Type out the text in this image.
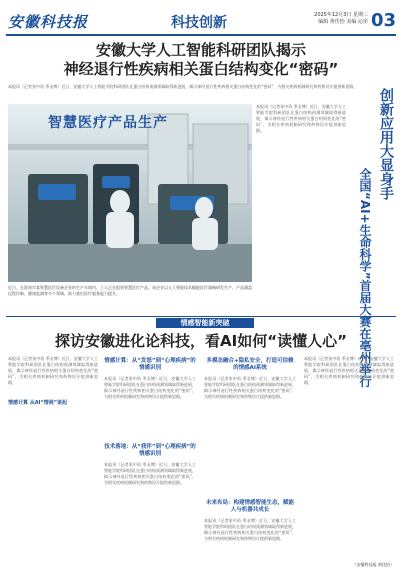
安徽科技报	科技创新	2025年12月3日 星期三
编辑 黄佳怡 美编 沁彤 03
安徽大学人工智能科研团队揭示
神经退行性疾病相关蛋白结构变化“密码”
本报讯（记者张中资 季圣博）近日，安徽大学人工智能学院科研团队在蛋白结构预测领域取得新进展，揭示神经退行性疾病相关蛋白结构变化的“密码”，为相关疾病机制研究和药物设计提供新思路。
智慧医疗产品生产
近日，在淮南市某智慧医疗设备企业的生产车间内，工人正在组装智慧医疗产品。该企业以人工智能技术赋能医疗器械研发生产，产品涵盖远程诊断、健康监测等多个领域，助力基层医疗服务能力提升。
本报讯（记者张中资 季圣博）近日，安徽大学人工智能学院科研团队在蛋白结构预测领域取得新进展，揭示神经退行性疾病相关蛋白结构变化的“密码”，为相关疾病机制研究和药物设计提供新思路。	创新应用大显身手
全国“AI+生命科学”首届大赛在亳州举行
情感智能新突破
探访安徽进化论科技，看AI如何“读懂人心”
本报讯（记者张中资 季圣博）近日，安徽大学人工智能学院科研团队在蛋白结构预测领域取得新进展，揭示神经退行性疾病相关蛋白结构变化的“密码”，为相关疾病机制研究和药物设计提供新思路。
情感计算 从AI“情商”谈起
情感计算：从“发怒”到“心理疾病”的情感识别
本报讯（记者张中资 季圣博）近日，安徽大学人工智能学院科研团队在蛋白结构预测领域取得新进展，揭示神经退行性疾病相关蛋白结构变化的“密码”，为相关疾病机制研究和药物设计提供新思路。
技术落地：从“我伴”到“心理疾病”的情感识别
本报讯（记者张中资 季圣博）近日，安徽大学人工智能学院科研团队在蛋白结构预测领域取得新进展，揭示神经退行性疾病相关蛋白结构变化的“密码”，为相关疾病机制研究和药物设计提供新思路。
多模态融合+隐私安全，打造可信赖的情感AI系统
本报讯（记者张中资 季圣博）近日，安徽大学人工智能学院科研团队在蛋白结构预测领域取得新进展，揭示神经退行性疾病相关蛋白结构变化的“密码”，为相关疾病机制研究和药物设计提供新思路。
未来布局：构建情感智能生态，赋能人与机器共成长
本报讯（记者张中资 季圣博）近日，安徽大学人工智能学院科研团队在蛋白结构预测领域取得新进展，揭示神经退行性疾病相关蛋白结构变化的“密码”，为相关疾病机制研究和药物设计提供新思路。
本报讯（记者张中资 季圣博）近日，安徽大学人工智能学院科研团队在蛋白结构预测领域取得新进展，揭示神经退行性疾病相关蛋白结构变化的“密码”，为相关疾病机制研究和药物设计提供新思路。
（安徽科技报 黄佳怡）
